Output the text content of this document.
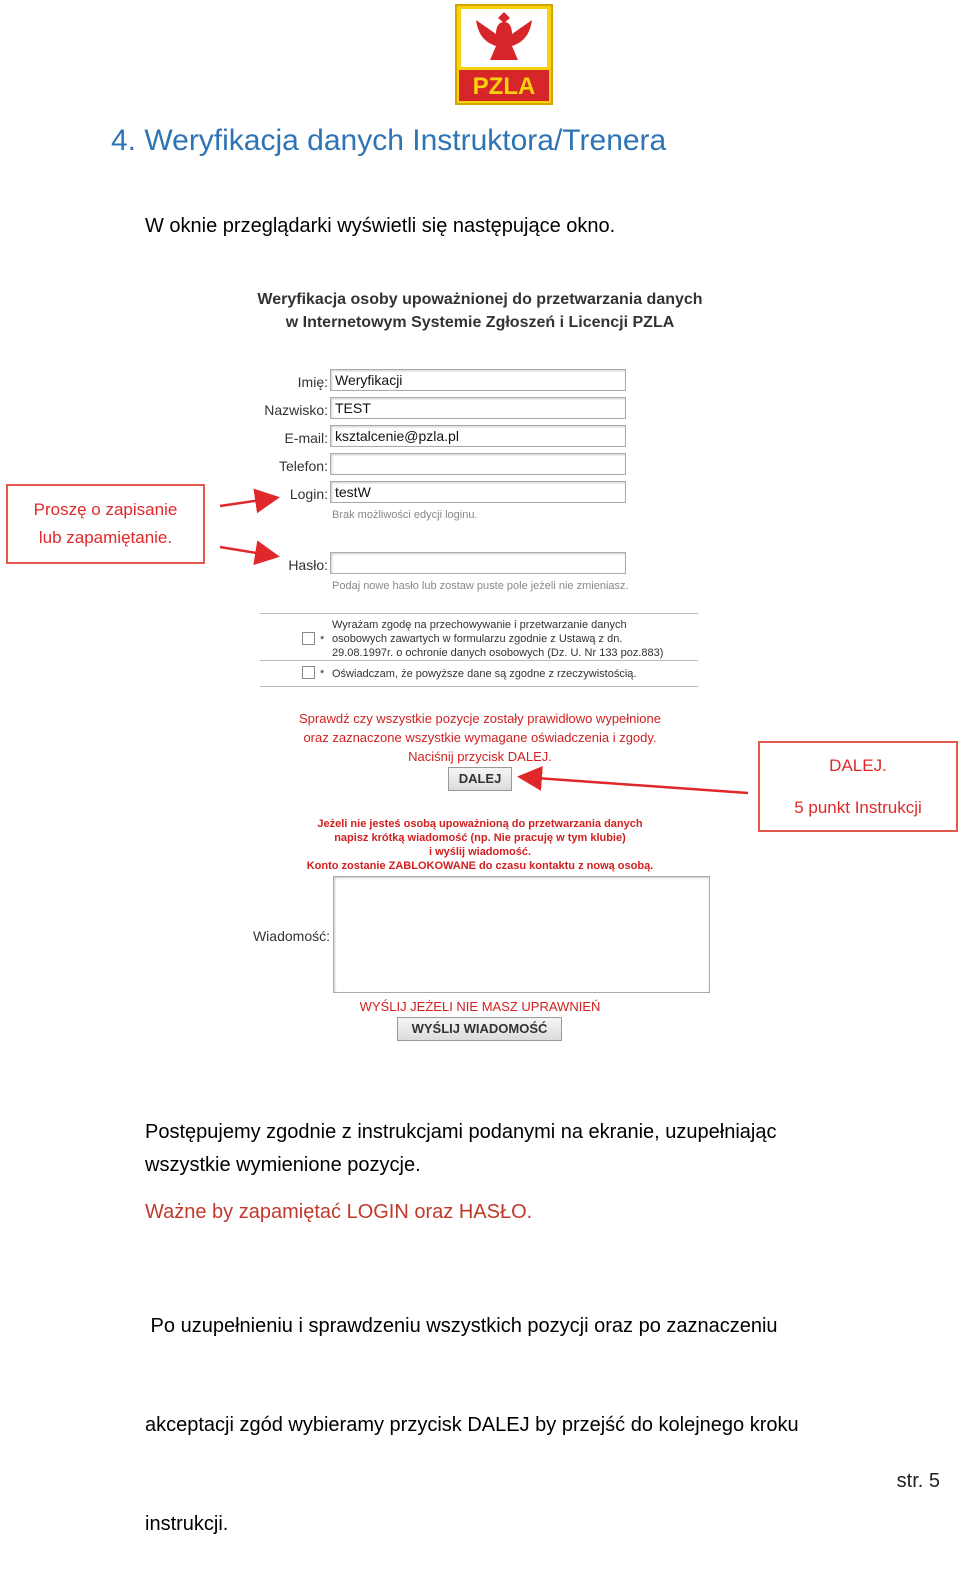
PZLA
4. Weryfikacja danych Instruktora/Trenera
W oknie przeglądarki wyświetli się następujące okno.
Weryfikacja osoby upoważnionej do przetwarzania danych
w Internetowym Systemie Zgłoszeń i Licencji PZLA
Imię: Weryfikacji
Nazwisko: TEST
E-mail: ksztalcenie@pzla.pl
Telefon:
Login: testW
Brak możliwości edycji loginu.
Hasło:
Podaj nowe hasło lub zostaw puste pole jeżeli nie zmieniasz.
*
Wyrażam zgodę na przechowywanie i przetwarzanie danych
osobowych zawartych w formularzu zgodnie z Ustawą z dn.
29.08.1997r. o ochronie danych osobowych (Dz. U. Nr 133 poz.883)
* Oświadczam, że powyższe dane są zgodne z rzeczywistością.
Sprawdź czy wszystkie pozycje zostały prawidłowo wypełnione
oraz zaznaczone wszystkie wymagane oświadczenia i zgody.
Naciśnij przycisk DALEJ.
DALEJ
Jeżeli nie jesteś osobą upoważnioną do przetwarzania danych
napisz krótką wiadomość (np. Nie pracuję w tym klubie)
i wyślij wiadomość.
Konto zostanie ZABLOKOWANE do czasu kontaktu z nową osobą.
Wiadomość:
WYŚLIJ JEŻELI NIE MASZ UPRAWNIEŃ
WYŚLIJ WIADOMOŚĆ
Proszę o zapisanie
lub zapamiętanie.
DALEJ.
5 punkt Instrukcji
Postępujemy zgodnie z instrukcjami podanymi na ekranie, uzupełniając
wszystkie wymienione pozycje.
Ważne by zapamiętać LOGIN oraz HASŁO.

Po uzupełnieniu i sprawdzeniu wszystkich pozycji oraz po zaznaczeniu

akceptacji zgód wybieramy przycisk DALEJ by przejść do kolejnego kroku

instrukcji.

str. 5
